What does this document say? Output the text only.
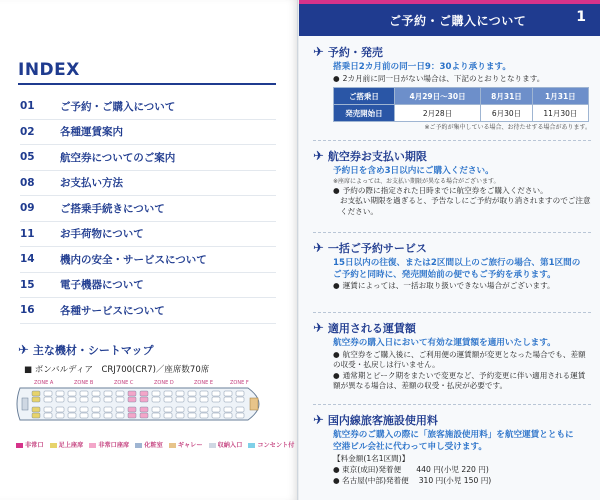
INDEX
01	ご予約・ご購入について
02	各種運賃案内
05	航空券についてのご案内
08	お支払い方法
09	ご搭乗手続きについて
11	お手荷物について
14	機内の安全・サービスについて
15	電子機器について
16	各種サービスについて
✈ 主な機材・シートマップ
■ ボンバルディア　CRJ700(CR7)／座席数70席
ZONE A	ZONE B	ZONE C	ZONE D	ZONE E	ZONE F
非常口	足上座席	非常口座席	化粧室	ギャレー	収納入口	コンセント付
ご予約・ご購入について	1
✈ 予約・発売
搭乗日2カ月前の同一日9：30より承ります。
● 2カ月前に同一日がない場合は、下記のとおりとなります。
ご搭乗日	4月29日～30日	8月31日	1月31日
発売開始日	2月28日	6月30日	11月30日
※ご予約が集中している場合、お待たせする場合があります。
✈ 航空券お支払い期限
予約日を含め3日以内にご購入ください。
※座席によっては、お支払い期限が異なる場合がございます。
● 予約の際に指定された日時までに航空券をご購入ください。
お支払い期限を過ぎると、予告なしにご予約が取り消されますのでご注意ください。
✈ 一括ご予約サービス
15日以内の往復、または2区間以上のご旅行の場合、第1区間の
ご予約と同時に、発売開始前の便でもご予約を承ります。
● 運賃によっては、一括お取り扱いできない場合がございます。
✈ 適用される運賃額
航空券の購入日において有効な運賃額を適用いたします。
● 航空券をご購入後に、ご利用便の運賃額が変更となった場合でも、差額の収受・払戻しは行いません。
● 通常期とピーク期をまたいで変更など、予約変更に伴い適用される運賃額が異なる場合は、差額の収受・払戻が必要です。
✈ 国内線旅客施設使用料
航空券のご購入の際に「旅客施設使用料」を航空運賃とともに
空港ビル会社に代わって申し受けます。
【料金額(1名1区間)】
● 東京(成田)発着便　　440 円(小児 220 円)
● 名古屋(中部)発着便　 310 円(小児 150 円)
